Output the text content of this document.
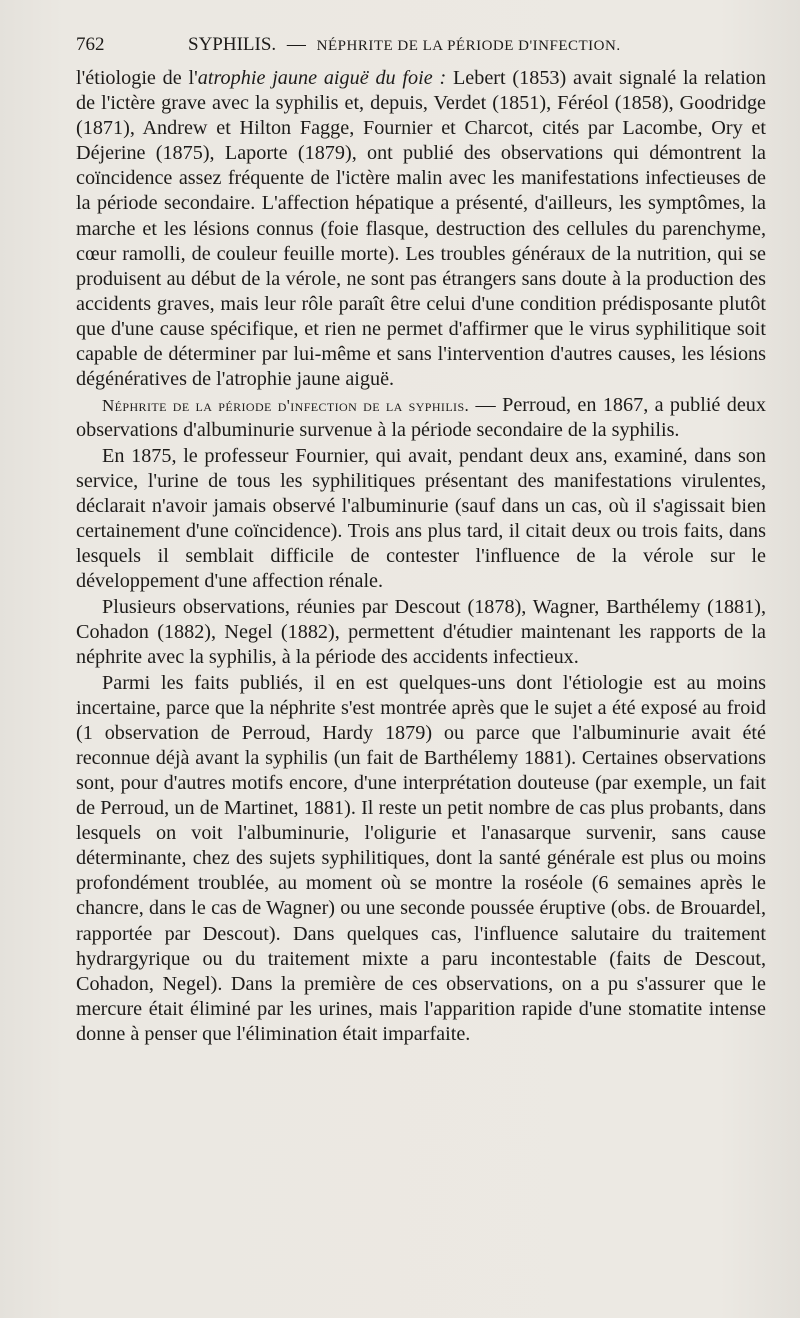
762	SYPHILIS. — NÉPHRITE DE LA PÉRIODE D'INFECTION.

l'étiologie de l'atrophie jaune aiguë du foie : Lebert (1853) avait signalé la relation de l'ictère grave avec la syphilis et, depuis, Verdet (1851), Féréol (1858), Goodridge (1871), Andrew et Hilton Fagge, Fournier et Charcot, cités par Lacombe, Ory et Déjerine (1875), Laporte (1879), ont publié des observations qui démontrent la coïncidence assez fréquente de l'ictère malin avec les manifestations infectieuses de la période secondaire. L'affection hépatique a présenté, d'ailleurs, les symptômes, la marche et les lésions connus (foie flasque, destruction des cellules du parenchyme, cœur ramolli, de couleur feuille morte). Les troubles généraux de la nutrition, qui se produisent au début de la vérole, ne sont pas étrangers sans doute à la production des accidents graves, mais leur rôle paraît être celui d'une condition prédisposante plutôt que d'une cause spécifique, et rien ne permet d'affirmer que le virus syphilitique soit capable de déterminer par lui-même et sans l'intervention d'autres causes, les lésions dégénératives de l'atrophie jaune aiguë.

Néphrite de la période d'infection de la syphilis. — Perroud, en 1867, a publié deux observations d'albuminurie survenue à la période secondaire de la syphilis.

En 1875, le professeur Fournier, qui avait, pendant deux ans, examiné, dans son service, l'urine de tous les syphilitiques présentant des manifestations virulentes, déclarait n'avoir jamais observé l'albuminurie (sauf dans un cas, où il s'agissait bien certainement d'une coïncidence). Trois ans plus tard, il citait deux ou trois faits, dans lesquels il semblait difficile de contester l'influence de la vérole sur le développement d'une affection rénale.

Plusieurs observations, réunies par Descout (1878), Wagner, Barthélemy (1881), Cohadon (1882), Negel (1882), permettent d'étudier maintenant les rapports de la néphrite avec la syphilis, à la période des accidents infectieux.

Parmi les faits publiés, il en est quelques-uns dont l'étiologie est au moins incertaine, parce que la néphrite s'est montrée après que le sujet a été exposé au froid (1 observation de Perroud, Hardy 1879) ou parce que l'albuminurie avait été reconnue déjà avant la syphilis (un fait de Barthélemy 1881). Certaines observations sont, pour d'autres motifs encore, d'une interprétation douteuse (par exemple, un fait de Perroud, un de Martinet, 1881). Il reste un petit nombre de cas plus probants, dans lesquels on voit l'albuminurie, l'oligurie et l'anasarque survenir, sans cause déterminante, chez des sujets syphilitiques, dont la santé générale est plus ou moins profondément troublée, au moment où se montre la roséole (6 semaines après le chancre, dans le cas de Wagner) ou une seconde poussée éruptive (obs. de Brouardel, rapportée par Descout). Dans quelques cas, l'influence salutaire du traitement hydrargyrique ou du traitement mixte a paru incontestable (faits de Descout, Cohadon, Negel). Dans la première de ces observations, on a pu s'assurer que le mercure était éliminé par les urines, mais l'apparition rapide d'une stomatite intense donne à penser que l'élimination était imparfaite.
